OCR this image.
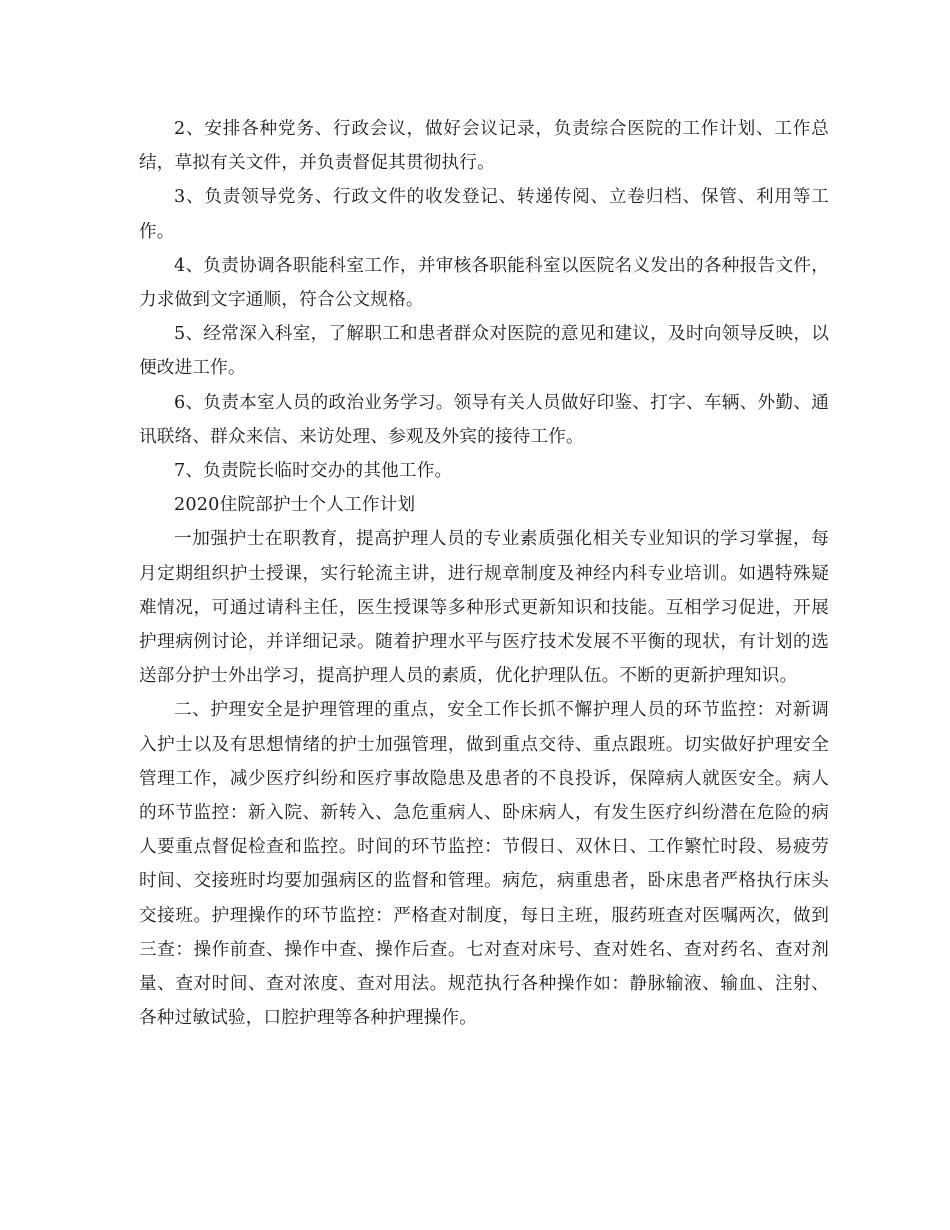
2、安排各种党务、行政会议，做好会议记录，负责综合医院的工作计划、工作总结，草拟有关文件，并负责督促其贯彻执行。

3、负责领导党务、行政文件的收发登记、转递传阅、立卷归档、保管、利用等工作。

4、负责协调各职能科室工作，并审核各职能科室以医院名义发出的各种报告文件，力求做到文字通顺，符合公文规格。

5、经常深入科室，了解职工和患者群众对医院的意见和建议，及时向领导反映，以便改进工作。

6、负责本室人员的政治业务学习。领导有关人员做好印鉴、打字、车辆、外勤、通讯联络、群众来信、来访处理、参观及外宾的接待工作。

7、负责院长临时交办的其他工作。

2020住院部护士个人工作计划

一加强护士在职教育，提高护理人员的专业素质强化相关专业知识的学习掌握，每月定期组织护士授课，实行轮流主讲，进行规章制度及神经内科专业培训。如遇特殊疑难情况，可通过请科主任，医生授课等多种形式更新知识和技能。互相学习促进，开展护理病例讨论，并详细记录。随着护理水平与医疗技术发展不平衡的现状，有计划的选送部分护士外出学习，提高护理人员的素质，优化护理队伍。不断的更新护理知识。

二、护理安全是护理管理的重点，安全工作长抓不懈护理人员的环节监控：对新调入护士以及有思想情绪的护士加强管理，做到重点交待、重点跟班。切实做好护理安全管理工作，减少医疗纠纷和医疗事故隐患及患者的不良投诉，保障病人就医安全。病人的环节监控：新入院、新转入、急危重病人、卧床病人，有发生医疗纠纷潜在危险的病人要重点督促检查和监控。时间的环节监控：节假日、双休日、工作繁忙时段、易疲劳时间、交接班时均要加强病区的监督和管理。病危，病重患者，卧床患者严格执行床头交接班。护理操作的环节监控：严格查对制度，每日主班，服药班查对医嘱两次，做到三查：操作前查、操作中查、操作后查。七对查对床号、查对姓名、查对药名、查对剂量、查对时间、查对浓度、查对用法。规范执行各种操作如：静脉输液、输血、注射、各种过敏试验，口腔护理等各种护理操作。
